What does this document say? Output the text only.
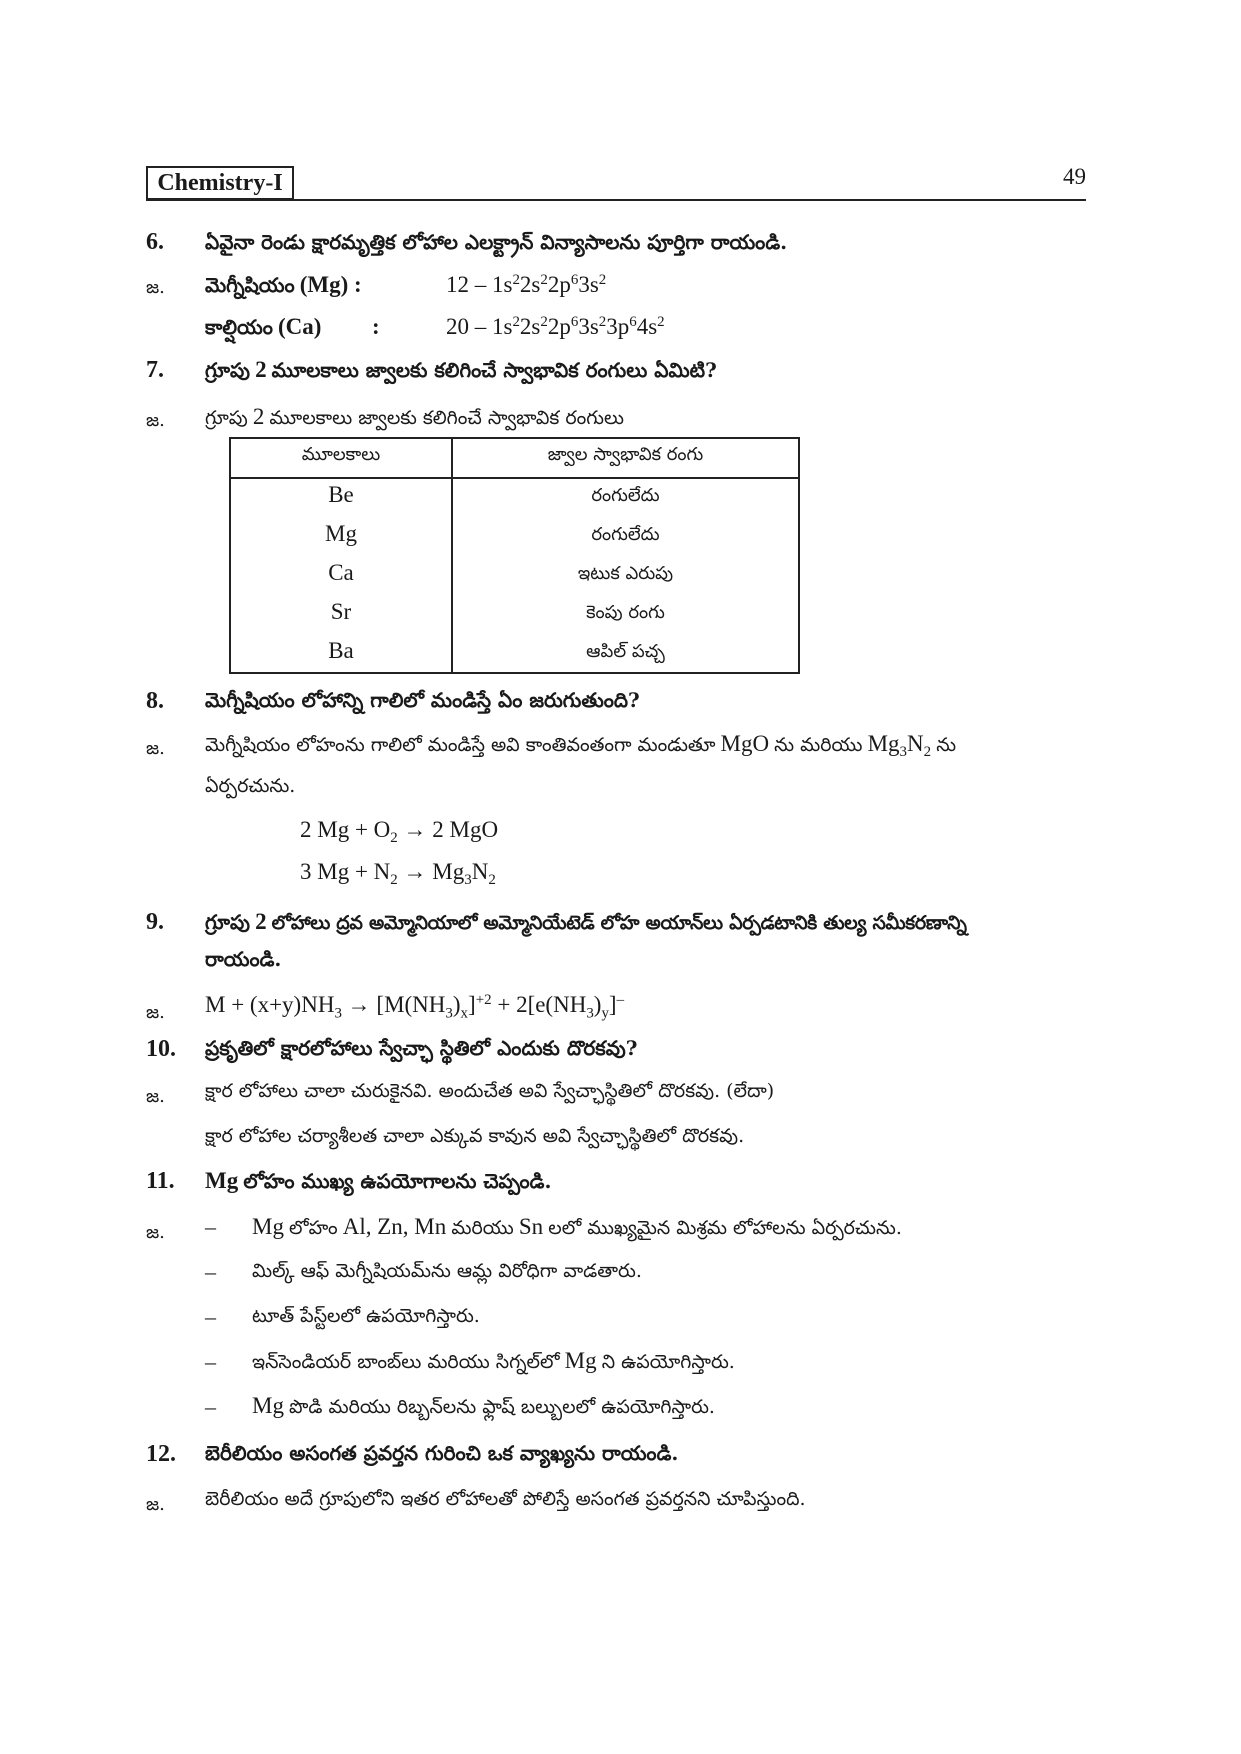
Chemistry-I	49
6. ఏవైనా రెండు క్షారమృత్తిక లోహాల ఎలక్ట్రాన్ విన్యాసాలను పూర్తిగా రాయండి.
జ. మెగ్నీషియం (Mg) :	$12 - 1s^22s^22p^63s^2$
కాల్షియం (Ca) :	$20 - 1s^22s^22p^63s^23p^64s^2$
7. గ్రూపు 2 మూలకాలు జ్వాలకు కలిగించే స్వాభావిక రంగులు ఏమిటి?
జ. గ్రూపు 2 మూలకాలు జ్వాలకు కలిగించే స్వాభావిక రంగులు
మూలకాలు	జ్వాల స్వాభావిక రంగు
Be	రంగులేదు
Mg	రంగులేదు
Ca	ఇటుక ఎరుపు
Sr	కెంపు రంగు
Ba	ఆపిల్ పచ్చ
8. మెగ్నీషియం లోహాన్ని గాలిలో మండిస్తే ఏం జరుగుతుంది?
జ. మెగ్నీషియం లోహంను గాలిలో మండిస్తే అవి కాంతివంతంగా మండుతూ MgO ను మరియు $Mg_3N_2$ ను
ఏర్పరచును.
2 $Mg + O_2 \to 2$ MgO
3 $Mg + N_2 \to Mg_3N_2$
9. గ్రూపు 2 లోహాలు ద్రవ అమ్మోనియాలో అమ్మోనియేటెడ్ లోహ అయాన్‌లు ఏర్పడటానికి తుల్య సమీకరణాన్ని
రాయండి.
జ. $M + (x+y)NH_3 \to [M(NH_3)_x]^{+2} + 2[e(NH_3)_y]^-$
10. ప్రకృతిలో క్షారలోహాలు స్వేచ్ఛా స్థితిలో ఎందుకు దొరకవు?
జ. క్షార లోహాలు చాలా చురుకైనవి. అందుచేత అవి స్వేచ్ఛాస్థితిలో దొరకవు. (లేదా)
క్షార లోహాల చర్యాశీలత చాలా ఎక్కువ కావున అవి స్వేచ్ఛాస్థితిలో దొరకవు.
11. Mg లోహం ముఖ్య ఉపయోగాలను చెప్పండి.
జ. – Mg లోహం Al, Zn, Mn మరియు Sn లలో ముఖ్యమైన మిశ్రమ లోహాలను ఏర్పరచును.
– మిల్క్ ఆఫ్ మెగ్నీషియమ్‌ను ఆమ్ల విరోధిగా వాడతారు.
– టూత్ పేస్ట్‌లలో ఉపయోగిస్తారు.
– ఇన్‌సెండియర్ బాంబ్‌లు మరియు సిగ్నల్‌లో Mg ని ఉపయోగిస్తారు.
– Mg పొడి మరియు రిబ్బన్‌లను ఫ్లాష్ బల్బులలో ఉపయోగిస్తారు.
12. బెరీలియం అసంగత ప్రవర్తన గురించి ఒక వ్యాఖ్యను రాయండి.
జ. బెరీలియం అదే గ్రూపులోని ఇతర లోహాలతో పోలిస్తే అసంగత ప్రవర్తనని చూపిస్తుంది.
